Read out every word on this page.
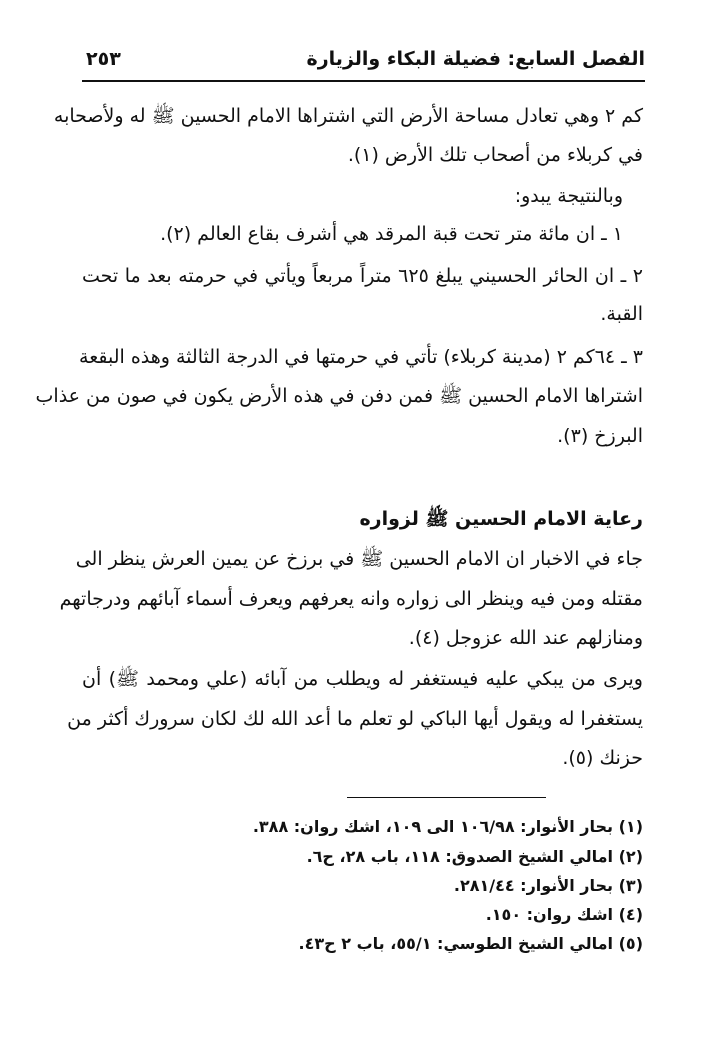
الفصل السابع: فضيلة البكاء والزيارة
٢٥٣
كم ٢ وهي تعادل مساحة الأرض التي اشتراها الامام الحسين ﷺ له ولأصحابه
في كربلاء من أصحاب تلك الأرض (١).
وبالنتيجة يبدو:
١ ـ ان مائة متر تحت قبة المرقد هي أشرف بقاع العالم (٢).
٢ ـ ان الحائر الحسيني يبلغ ٦٢٥ متراً مربعاً ويأتي في حرمته بعد ما تحت
القبة.
٣ ـ ٦٤كم ٢ (مدينة كربلاء) تأتي في حرمتها في الدرجة الثالثة وهذه البقعة
اشتراها الامام الحسين ﷺ فمن دفن في هذه الأرض يكون في صون من عذاب
البرزخ (٣).
رعاية الامام الحسين ﷺ لزواره
جاء في الاخبار ان الامام الحسين ﷺ في برزخ عن يمين العرش ينظر الى
مقتله ومن فيه وينظر الى زواره وانه يعرفهم ويعرف أسماء آبائهم ودرجاتهم
ومنازلهم عند الله عزوجل (٤).
ويرى من يبكي عليه فيستغفر له ويطلب من آبائه (علي ومحمد ﷺ) أن
يستغفرا له ويقول أيها الباكي لو تعلم ما أعد الله لك لكان سرورك أكثر من
حزنك (٥).
(١) بحار الأنوار: ١٠٦/٩٨ الى ١٠٩، اشك روان: ٣٨٨.
(٢) امالي الشيخ الصدوق: ١١٨، باب ٢٨، ح٦.
(٣) بحار الأنوار: ٢٨١/٤٤.
(٤) اشك روان: ١٥٠.
(٥) امالي الشيخ الطوسي: ٥٥/١، باب ٢ ح٤٣.
